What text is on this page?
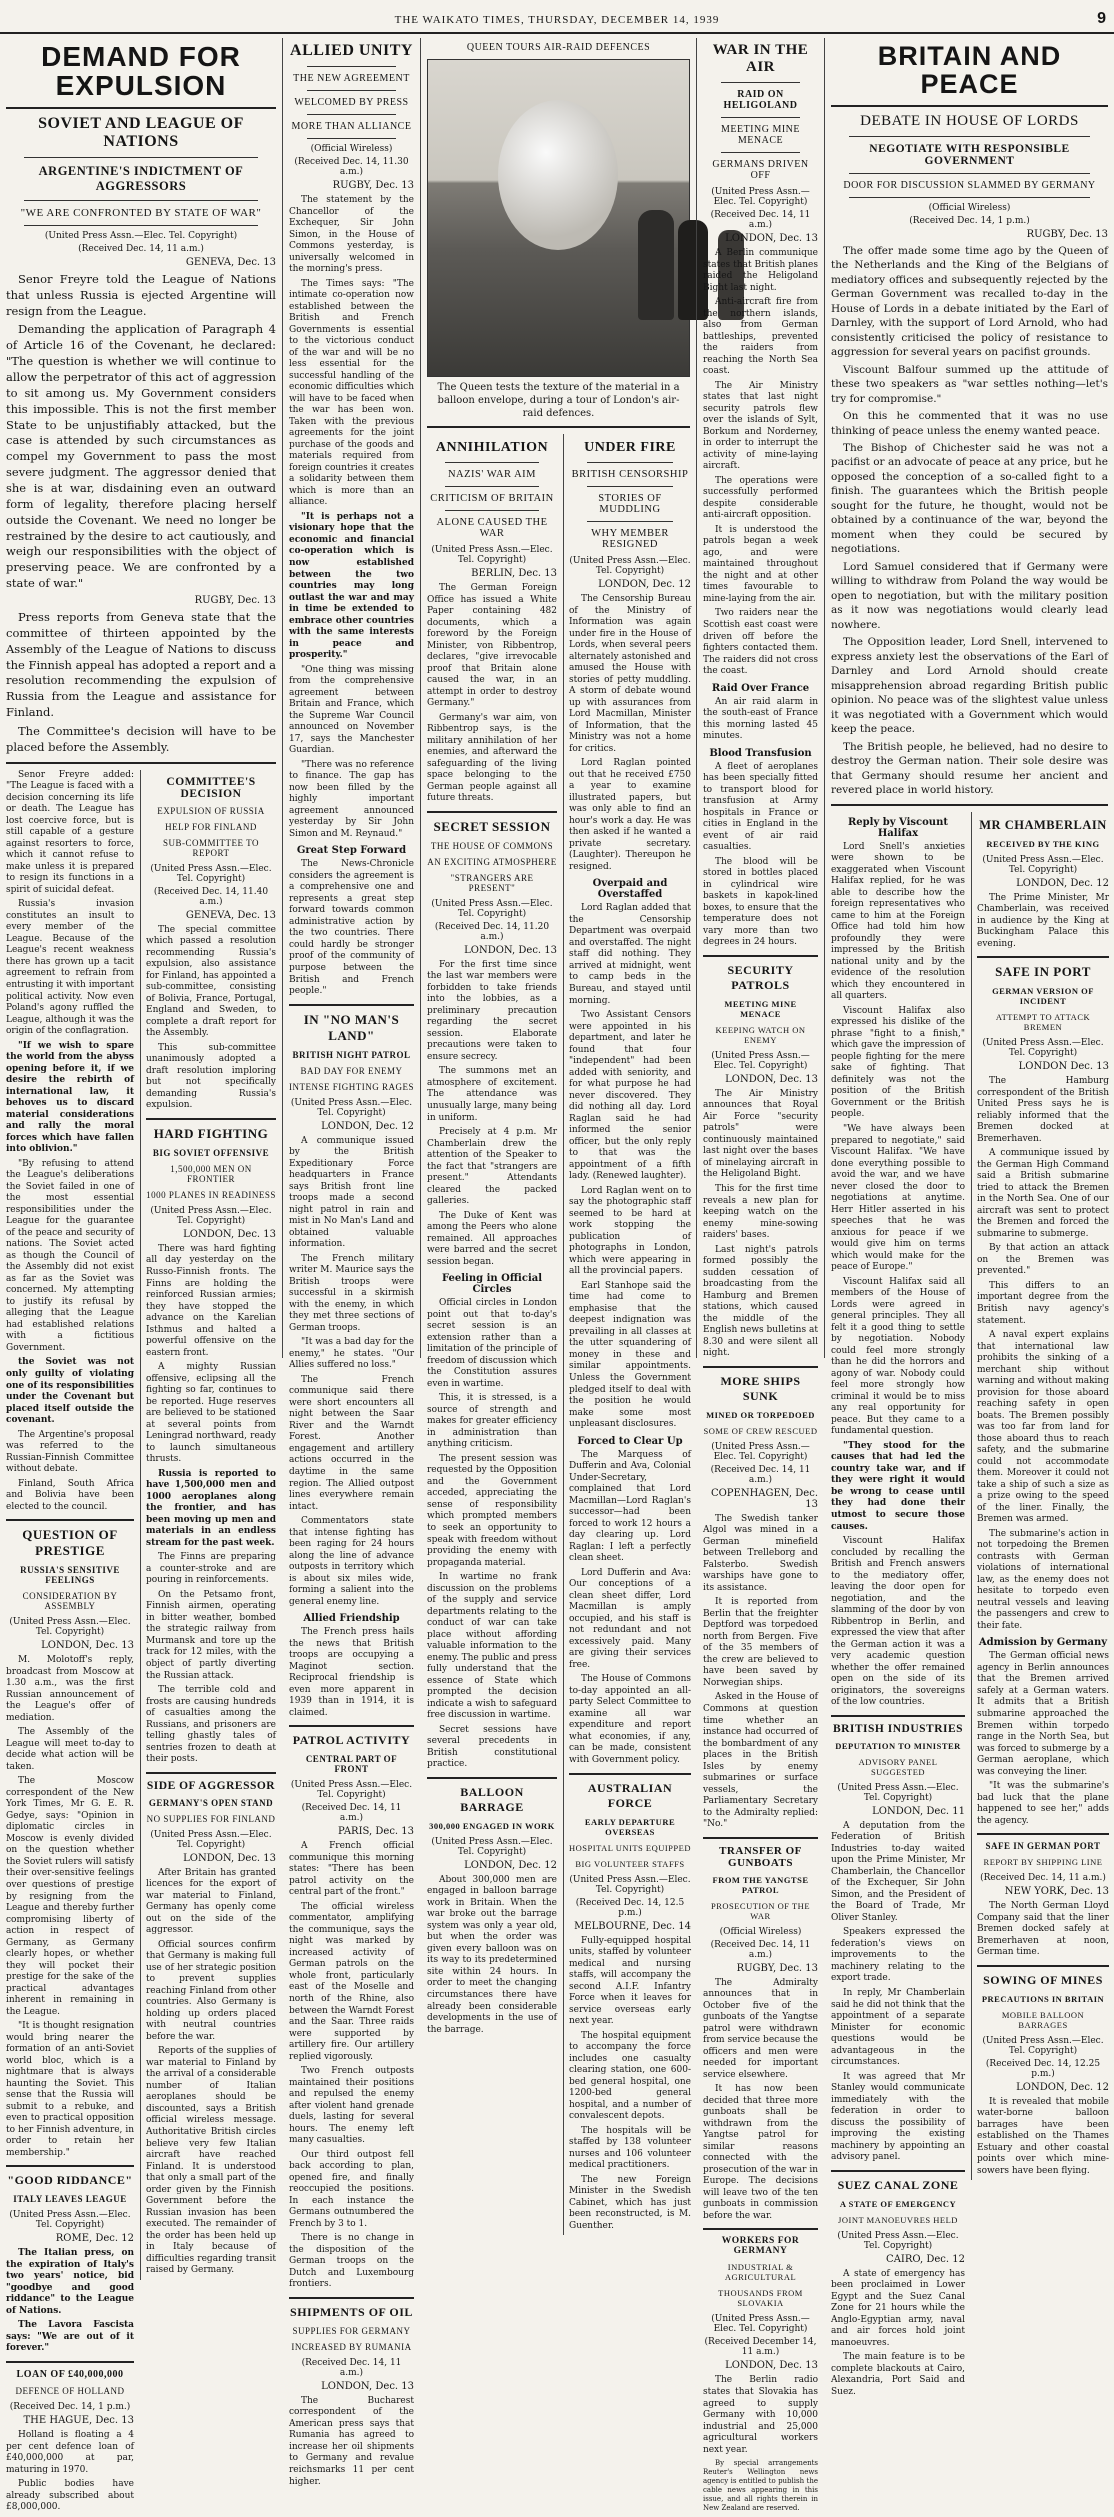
THE WAIKATO TIMES, THURSDAY, DECEMBER 14, 1939	9
DEMAND FOR EXPULSION
SOVIET AND LEAGUE OF NATIONS
ARGENTINE'S INDICTMENT OF AGGRESSORS
"WE ARE CONFRONTED BY STATE OF WAR"
(United Press Assn.—Elec. Tel. Copyright)
(Received Dec. 14, 11 a.m.)
GENEVA, Dec. 13

Senor Freyre told the League of Nations that unless Russia is ejected Argentine will resign from the League.

Demanding the application of Paragraph 4 of Article 16 of the Covenant, he declared: "The question is whether we will continue to allow the perpetrator of this act of aggression to sit among us. My Government considers this impossible. This is not the first member State to be unjustifiably attacked, but the case is attended by such circumstances as compel my Government to pass the most severe judgment. The aggressor denied that she is at war, disdaining even an outward form of legality, therefore placing herself outside the Covenant. We need no longer be restrained by the desire to act cautiously, and weigh our responsibilities with the object of preserving peace. We are confronted by a state of war."

RUGBY, Dec. 13

Press reports from Geneva state that the committee of thirteen appointed by the Assembly of the League of Nations to discuss the Finnish appeal has adopted a report and a resolution recommending the expulsion of Russia from the League and assistance for Finland.

The Committee's decision will have to be placed before the Assembly.

Senor Freyre added: "The League is faced with a decision concerning its life or death. The League has lost coercive force, but is still capable of a gesture against resorters to force, which it cannot refuse to make unless it is prepared to resign its functions in a spirit of suicidal defeat.

Russia's invasion constitutes an insult to every member of the League. Because of the League's recent weakness there has grown up a tacit agreement to refrain from entrusting it with important political activity. Now even Poland's agony ruffled the League, although it was the origin of the conflagration.

"If we wish to spare the world from the abyss opening before it, if we desire the rebirth of international law, it behoves us to discard material considerations and rally the moral forces which have fallen into oblivion."

"By refusing to attend the League's deliberations the Soviet failed in one of the most essential responsibilities under the League for the guarantee of the peace and security of nations. The Soviet acted as though the Council of the Assembly did not exist as far as the Soviet was concerned. My attempting to justify its refusal by alleging that the League had established relations with a fictitious Government.

the Soviet was not only guilty of violating one of its responsibilities under the Covenant but placed itself outside the covenant.

The Argentine's proposal was referred to the Russian-Finnish Committee without debate.

Finland, South Africa and Bolivia have been elected to the council.

QUESTION OF PRESTIGE
RUSSIA'S SENSITIVE FEELINGS
CONSIDERATION BY ASSEMBLY
(United Press Assn.—Elec. Tel. Copyright)
LONDON, Dec. 13

M. Molotoff's reply, broadcast from Moscow at 1.30 a.m., was the first Russian announcement of the League's offer of mediation.

The Assembly of the League will meet to-day to decide what action will be taken.

The Moscow correspondent of the New York Times, Mr G. E. R. Gedye, says: "Opinion in diplomatic circles in Moscow is evenly divided on the question whether the Soviet rulers will satisfy their over-sensitive feelings over questions of prestige by resigning from the League and thereby further compromising liberty of action in respect of Germany, as Germany clearly hopes, or whether they will pocket their prestige for the sake of the practical advantages inherent in remaining in the League.

"It is thought resignation would bring nearer the formation of an anti-Soviet world bloc, which is a nightmare that is always haunting the Soviet. This sense that the Russia will submit to a rebuke, and even to practical opposition to her Finnish adventure, in order to retain her membership."

"GOOD RIDDANCE"
ITALY LEAVES LEAGUE
(United Press Assn.—Elec. Tel. Copyright)
ROME, Dec. 12

The Italian press, on the expiration of Italy's two years' notice, bid "goodbye and good riddance" to the League of Nations.

The Lavora Fascista says: "We are out of it forever."

LOAN OF £40,000,000
DEFENCE OF HOLLAND
(Received Dec. 14, 1 p.m.)
THE HAGUE, Dec. 13

Holland is floating a 4 per cent defence loan of £40,000,000 at par, maturing in 1970.

Public bodies have already subscribed about £8,000,000.

COMMITTEE'S DECISION
EXPULSION OF RUSSIA
HELP FOR FINLAND
SUB-COMMITTEE TO REPORT
(United Press Assn.—Elec. Tel. Copyright)
(Received Dec. 14, 11.40 a.m.)
GENEVA, Dec. 13

The special committee which passed a resolution recommending Russia's expulsion, also assistance for Finland, has appointed a sub-committee, consisting of Bolivia, France, Portugal, England and Sweden, to complete a draft report for the Assembly.

This sub-committee unanimously adopted a draft resolution imploring but not specifically demanding Russia's expulsion.

HARD FIGHTING
BIG SOVIET OFFENSIVE
1,500,000 MEN ON FRONTIER
1000 PLANES IN READINESS
(United Press Assn.—Elec. Tel. Copyright)
LONDON, Dec. 13

There was hard fighting all day yesterday on the Russo-Finnish fronts. The Finns are holding the reinforced Russian armies; they have stopped the advance on the Karelian Isthmus and halted a powerful offensive on the eastern front.

A mighty Russian offensive, eclipsing all the fighting so far, continues to be reported. Huge reserves are believed to be stationed at several points from Leningrad northward, ready to launch simultaneous thrusts.

Russia is reported to have 1,500,000 men and 1000 aeroplanes along the frontier, and has been moving up men and materials in an endless stream for the past week.

The Finns are preparing a counter-stroke and are pouring in reinforcements.

On the Petsamo front, Finnish airmen, operating in bitter weather, bombed the strategic railway from Murmansk and tore up the track for 12 miles, with the object of partly diverting the Russian attack.

The terrible cold and frosts are causing hundreds of casualties among the Russians, and prisoners are telling ghastly tales of sentries frozen to death at their posts.

SIDE OF AGGRESSOR
GERMANY'S OPEN STAND
NO SUPPLIES FOR FINLAND
(United Press Assn.—Elec. Tel. Copyright)
LONDON, Dec. 13

After Britain has granted licences for the export of war material to Finland, Germany has openly come out on the side of the aggressor.

Official sources confirm that Germany is making full use of her strategic position to prevent supplies reaching Finland from other countries. Also Germany is holding up orders placed with neutral countries before the war.

Reports of the supplies of war material to Finland by the arrival of a considerable number of Italian aeroplanes should be discounted, says a British official wireless message. Authoritative British circles believe very few Italian aircraft have reached Finland. It is understood that only a small part of the order given by the Finnish Government before the Russian invasion has been executed. The remainder of the order has been held up in Italy because of difficulties regarding transit raised by Germany.

ALLIED UNITY
THE NEW AGREEMENT
WELCOMED BY PRESS
MORE THAN ALLIANCE
(Official Wireless)
(Received Dec. 14, 11.30 a.m.)
RUGBY, Dec. 13

The statement by the Chancellor of the Exchequer, Sir John Simon, in the House of Commons yesterday, is universally welcomed in the morning's press.

The Times says: "The intimate co-operation now established between the British and French Governments is essential to the victorious conduct of the war and will be no less essential for the successful handling of the economic difficulties which will have to be faced when the war has been won. Taken with the previous agreements for the joint purchase of the goods and materials required from foreign countries it creates a solidarity between them which is more than an alliance.

"It is perhaps not a visionary hope that the economic and financial co-operation which is now established between the two countries may long outlast the war and may in time be extended to embrace other countries with the same interests in peace and prosperity."

"One thing was missing from the comprehensive agreement between Britain and France, which the Supreme War Council announced on November 17, says the Manchester Guardian.

"There was no reference to finance. The gap has now been filled by the highly important agreement announced yesterday by Sir John Simon and M. Reynaud."

Great Step Forward

The News-Chronicle considers the agreement is a comprehensive one and represents a great step forward towards common administrative action by the two countries. There could hardly be stronger proof of the community of purpose between the British and French people."

IN "NO MAN'S LAND"
BRITISH NIGHT PATROL
BAD DAY FOR ENEMY
INTENSE FIGHTING RAGES
(United Press Assn.—Elec. Tel. Copyright)
LONDON, Dec. 12

A communique issued by the British Expeditionary Force headquarters in France says British front line troops made a second night patrol in rain and mist in No Man's Land and obtained valuable information.

The French military writer M. Maurice says the British troops were successful in a skirmish with the enemy, in which they met three sections of German troops.

"It was a bad day for the enemy," he states. "Our Allies suffered no loss."

The French communique said there were short encounters all night between the Saar River and the Warndt Forest. Another engagement and artillery actions occurred in the daytime in the same region. The Allied outpost lines everywhere remain intact.

Commentators state that intense fighting has been raging for 24 hours along the line of advance outposts in territory which is about six miles wide, forming a salient into the general enemy line.

Allied Friendship

The French press hails the news that British troops are occupying a Maginot section. Reciprocal friendship is even more apparent in 1939 than in 1914, it is claimed.

PATROL ACTIVITY
CENTRAL PART OF FRONT
(United Press Assn.—Elec. Tel. Copyright)
(Received Dec. 14, 11 a.m.)
PARIS, Dec. 13

A French official communique this morning states: "There has been patrol activity on the central part of the front."

The official wireless commentator, amplifying the communique, says the night was marked by increased activity of German patrols on the whole front, particularly east of the Moselle and north of the Rhine, also between the Warndt Forest and the Saar. Three raids were supported by artillery fire. Our artillery replied vigorously.

Two French outposts maintained their positions and repulsed the enemy after violent hand grenade duels, lasting for several hours. The enemy left many casualties.

Our third outpost fell back according to plan, opened fire, and finally reoccupied the positions. In each instance the Germans outnumbered the French by 3 to 1.

There is no change in the disposition of the German troops on the Dutch and Luxembourg frontiers.

SHIPMENTS OF OIL
SUPPLIES FOR GERMANY
INCREASED BY RUMANIA
(Received Dec. 14, 11 a.m.)
LONDON, Dec. 13

The Bucharest correspondent of the American press says that Rumania has agreed to increase her oil shipments to Germany and revalue reichsmarks 11 per cent higher.

QUEEN TOURS AIR-RAID DEFENCES
The Queen tests the texture of the material in a balloon envelope, during a tour of London's air-raid defences.
ANNIHILATION
NAZIS' WAR AIM
CRITICISM OF BRITAIN
ALONE CAUSED THE WAR
(United Press Assn.—Elec. Tel. Copyright)
BERLIN, Dec. 13

The German Foreign Office has issued a White Paper containing 482 documents, which a foreword by the Foreign Minister, von Ribbentrop, declares, "give irrevocable proof that Britain alone caused the war, in an attempt in order to destroy Germany."

Germany's war aim, von Ribbentrop says, is the military annihilation of her enemies, and afterward the safeguarding of the living space belonging to the German people against all future threats.

SECRET SESSION
THE HOUSE OF COMMONS
AN EXCITING ATMOSPHERE
"STRANGERS ARE PRESENT"
(United Press Assn.—Elec. Tel. Copyright)
(Received Dec. 14, 11.20 a.m.)
LONDON, Dec. 13

For the first time since the last war members were forbidden to take friends into the lobbies, as a preliminary precaution regarding the secret session. Elaborate precautions were taken to ensure secrecy.

The summons met an atmosphere of excitement. The attendance was unusually large, many being in uniform.

Precisely at 4 p.m. Mr Chamberlain drew the attention of the Speaker to the fact that "strangers are present." Attendants cleared the packed galleries.

The Duke of Kent was among the Peers who alone remained. All approaches were barred and the secret session began.

Feeling in Official Circles

Official circles in London point out that to-day's secret session is an extension rather than a limitation of the principle of freedom of discussion which the Constitution assures even in wartime.

This, it is stressed, is a source of strength and makes for greater efficiency in administration than anything criticism.

The present session was requested by the Opposition and the Government acceded, appreciating the sense of responsibility which prompted members to seek an opportunity to speak with freedom without providing the enemy with propaganda material.

In wartime no frank discussion on the problems of the supply and service departments relating to the conduct of war can take place without affording valuable information to the enemy. The public and press fully understand that the essence of State which prompted the decision indicate a wish to safeguard free discussion in wartime.

Secret sessions have several precedents in British constitutional practice.

BALLOON BARRAGE
300,000 ENGAGED IN WORK
(United Press Assn.—Elec. Tel. Copyright)
LONDON, Dec. 12

About 300,000 men are engaged in balloon barrage work in Britain. When the war broke out the barrage system was only a year old, but when the order was given every balloon was on its way to its predetermined site within 24 hours. In order to meet the changing circumstances there have already been considerable developments in the use of the barrage.

UNDER FIRE
BRITISH CENSORSHIP
STORIES OF MUDDLING
WHY MEMBER RESIGNED
(United Press Assn.—Elec. Tel. Copyright)
LONDON, Dec. 12

The Censorship Bureau of the Ministry of Information was again under fire in the House of Lords, when several peers alternately astonished and amused the House with stories of petty muddling. A storm of debate wound up with assurances from Lord Macmillan, Minister of Information, that the Ministry was not a home for critics.

Lord Raglan pointed out that he received £750 a year to examine illustrated papers, but was only able to find an hour's work a day. He was then asked if he wanted a private secretary. (Laughter). Thereupon he resigned.

Overpaid and Overstaffed

Lord Raglan added that the Censorship Department was overpaid and overstaffed. The night staff did nothing. They arrived at midnight, went to camp beds in the Bureau, and stayed until morning.

Two Assistant Censors were appointed in his department, and later he found that four "independent" had been added with seniority, and for what purpose he had never discovered. They did nothing all day. Lord Raglan said he had informed the senior officer, but the only reply to that was the appointment of a fifth lady. (Renewed laughter).

Lord Raglan went on to say the photographic staff seemed to be hard at work stopping the publication of photographs in London, which were appearing in all the provincial papers.

Earl Stanhope said the time had come to emphasise that the deepest indignation was prevailing in all classes at the utter squandering of money in these and similar appointments. Unless the Government pledged itself to deal with the position he would make some most unpleasant disclosures.

Forced to Clear Up

The Marquess of Dufferin and Ava, Colonial Under-Secretary, complained that Lord Macmillan—Lord Raglan's successor—had been forced to work 12 hours a day clearing up. Lord Raglan: I left a perfectly clean sheet.

Lord Dufferin and Ava: Our conceptions of a clean sheet differ, Lord Macmillan is amply occupied, and his staff is not redundant and not excessively paid. Many are giving their services free.

The House of Commons to-day appointed an all-party Select Committee to examine all war expenditure and report what economies, if any, can be made, consistent with Government policy.

AUSTRALIAN FORCE
EARLY DEPARTURE OVERSEAS
HOSPITAL UNITS EQUIPPED
BIG VOLUNTEER STAFFS
(United Press Assn.—Elec. Tel. Copyright)
(Received Dec. 14, 12.5 p.m.)
MELBOURNE, Dec. 14

Fully-equipped hospital units, staffed by volunteer medical and nursing staffs, will accompany the second A.I.F. Infantry Force when it leaves for service overseas early next year.

The hospital equipment to accompany the force includes one casualty clearing station, one 600-bed general hospital, one 1200-bed general hospital, and a number of convalescent depots.

The hospitals will be staffed by 138 volunteer nurses and 106 volunteer medical practitioners.

The new Foreign Minister in the Swedish Cabinet, which has just been reconstructed, is M. Guenther.

WAR IN THE AIR
RAID ON HELIGOLAND
MEETING MINE MENACE
GERMANS DRIVEN OFF
(United Press Assn.—Elec. Tel. Copyright)
(Received Dec. 14, 11 a.m.)
LONDON, Dec. 13

A Berlin communique states that British planes raided the Heligoland Bight last night.

Anti-aircraft fire from the northern islands, also from German battleships, prevented the raiders from reaching the North Sea coast.

The Air Ministry states that last night security patrols flew over the islands of Sylt, Borkum and Norderney, in order to interrupt the activity of mine-laying aircraft.

The operations were successfully performed despite considerable anti-aircraft opposition.

It is understood the patrols began a week ago, and were maintained throughout the night and at other times favourable to mine-laying from the air.

Two raiders near the Scottish east coast were driven off before the fighters contacted them. The raiders did not cross the coast.

Raid Over France

An air raid alarm in the south-east of France this morning lasted 45 minutes.

Blood Transfusion

A fleet of aeroplanes has been specially fitted to transport blood for transfusion at Army hospitals in France or cities in England in the event of air raid casualties.

The blood will be stored in bottles placed in cylindrical wire baskets in kapok-lined boxes, to ensure that the temperature does not vary more than two degrees in 24 hours.

SECURITY PATROLS
MEETING MINE MENACE
KEEPING WATCH ON ENEMY
(United Press Assn.—Elec. Tel. Copyright)
LONDON, Dec. 13

The Air Ministry announces that Royal Air Force "security patrols" were continuously maintained last night over the bases of minelaying aircraft in the Heligoland Bight.

This for the first time reveals a new plan for keeping watch on the enemy mine-sowing raiders' bases.

Last night's patrols formed possibly the sudden cessation of broadcasting from the Hamburg and Bremen stations, which caused the middle of the English news bulletins at 8.30 and were silent all night.

MORE SHIPS SUNK
MINED OR TORPEDOED
SOME OF CREW RESCUED
(United Press Assn.—Elec. Tel. Copyright)
(Received Dec. 14, 11 a.m.)
COPENHAGEN, Dec. 13

The Swedish tanker Algol was mined in a German minefield between Trelleborg and Falsterbo. Swedish warships have gone to its assistance.

It is reported from Berlin that the freighter Deptford was torpedoed north from Bergen. Five of the 35 members of the crew are believed to have been saved by Norwegian ships.

Asked in the House of Commons at question time whether an instance had occurred of the bombardment of any places in the British Isles by enemy submarines or surface vessels, the Parliamentary Secretary to the Admiralty replied: "No."

TRANSFER OF GUNBOATS
FROM THE YANGTSE PATROL
PROSECUTION OF THE WAR
(Official Wireless)
(Received Dec. 14, 11 a.m.)
RUGBY, Dec. 13

The Admiralty announces that in October five of the gunboats of the Yangtse patrol were withdrawn from service because the officers and men were needed for important service elsewhere.

It has now been decided that three more gunboats shall be withdrawn from the Yangtse patrol for similar reasons connected with the prosecution of the war in Europe. The decisions will leave two of the ten gunboats in commission before the war.

WORKERS FOR GERMANY
INDUSTRIAL & AGRICULTURAL
THOUSANDS FROM SLOVAKIA
(United Press Assn.—Elec. Tel. Copyright)
(Received December 14, 11 a.m.)
LONDON, Dec. 13

The Berlin radio states that Slovakia has agreed to supply Germany with 10,000 industrial and 25,000 agricultural workers next year.

By special arrangements Reuter's Wellington news agency is entitled to publish the cable news appearing in this issue, and all rights therein in New Zealand are reserved.

BRITAIN AND PEACE
DEBATE IN HOUSE OF LORDS
NEGOTIATE WITH RESPONSIBLE GOVERNMENT
DOOR FOR DISCUSSION SLAMMED BY GERMANY
(Official Wireless)
(Received Dec. 14, 1 p.m.)
RUGBY, Dec. 13

The offer made some time ago by the Queen of the Netherlands and the King of the Belgians of mediatory offices and subsequently rejected by the German Government was recalled to-day in the House of Lords in a debate initiated by the Earl of Darnley, with the support of Lord Arnold, who had consistently criticised the policy of resistance to aggression for several years on pacifist grounds.

Viscount Balfour summed up the attitude of these two speakers as "war settles nothing—let's try for compromise."

On this he commented that it was no use thinking of peace unless the enemy wanted peace.

The Bishop of Chichester said he was not a pacifist or an advocate of peace at any price, but he opposed the conception of a so-called fight to a finish. The guarantees which the British people sought for the future, he thought, would not be obtained by a continuance of the war, beyond the moment when they could be secured by negotiations.

Lord Samuel considered that if Germany were willing to withdraw from Poland the way would be open to negotiation, but with the military position as it now was negotiations would clearly lead nowhere.

The Opposition leader, Lord Snell, intervened to express anxiety lest the observations of the Earl of Darnley and Lord Arnold should create misapprehension abroad regarding British public opinion. No peace was of the slightest value unless it was negotiated with a Government which would keep the peace.

The British people, he believed, had no desire to destroy the German nation. Their sole desire was that Germany should resume her ancient and revered place in world history.

Reply by Viscount Halifax

Lord Snell's anxieties were shown to be exaggerated when Viscount Halifax replied, for he was able to describe how the foreign representatives who came to him at the Foreign Office had told him how profoundly they were impressed by the British national unity and by the evidence of the resolution which they encountered in all quarters.

Viscount Halifax also expressed his dislike of the phrase "fight to a finish," which gave the impression of people fighting for the mere sake of fighting. That definitely was not the position of the British Government or the British people.

"We have always been prepared to negotiate," said Viscount Halifax. "We have done everything possible to avoid the war, and we have never closed the door to negotiations at anytime. Herr Hitler asserted in his speeches that he was anxious for peace if we would give him on terms which would make for the peace of Europe."

Viscount Halifax said all members of the House of Lords were agreed in general principles. They all felt it a good thing to settle by negotiation. Nobody could feel more strongly than he did the horrors and agony of war. Nobody could feel more strongly how criminal it would be to miss any real opportunity for peace. But they came to a fundamental question.

"They stood for the causes that had led the country take war, and if they were right it would be wrong to cease until they had done their utmost to secure those causes.

Viscount Halifax concluded by recalling the British and French answers to the mediatory offer, leaving the door open for negotiation, and the slamming of the door by von Ribbentrop in Berlin, and expressed the view that after the German action it was a very academic question whether the offer remained open on the side of its originators, the sovereigns of the low countries.

BRITISH INDUSTRIES
DEPUTATION TO MINISTER
ADVISORY PANEL SUGGESTED
(United Press Assn.—Elec. Tel. Copyright)
LONDON, Dec. 11

A deputation from the Federation of British Industries to-day waited upon the Prime Minister, Mr Chamberlain, the Chancellor of the Exchequer, Sir John Simon, and the President of the Board of Trade, Mr Oliver Stanley.

Speakers expressed the federation's views on improvements to the machinery relating to the export trade.

In reply, Mr Chamberlain said he did not think that the appointment of a separate Minister for economic questions would be advantageous in the circumstances.

It was agreed that Mr Stanley would communicate immediately with the federation in order to discuss the possibility of improving the existing machinery by appointing an advisory panel.

SUEZ CANAL ZONE
A STATE OF EMERGENCY
JOINT MANOEUVRES HELD
(United Press Assn.—Elec. Tel. Copyright)
CAIRO, Dec. 12

A state of emergency has been proclaimed in Lower Egypt and the Suez Canal Zone for 21 hours while the Anglo-Egyptian army, naval and air forces hold joint manoeuvres.

The main feature is to be complete blackouts at Cairo, Alexandria, Port Said and Suez.

MR CHAMBERLAIN
RECEIVED BY THE KING
(United Press Assn.—Elec. Tel. Copyright)
LONDON, Dec. 12

The Prime Minister, Mr Chamberlain, was received in audience by the King at Buckingham Palace this evening.

SAFE IN PORT
GERMAN VERSION OF INCIDENT
ATTEMPT TO ATTACK BREMEN
(United Press Assn.—Elec. Tel. Copyright)
LONDON Dec. 13

The Hamburg correspondent of the British United Press says he is reliably informed that the Bremen docked at Bremerhaven.

A communique issued by the German High Command said a British submarine tried to attack the Bremen in the North Sea. One of our aircraft was sent to protect the Bremen and forced the submarine to submerge.

By that action an attack on the Bremen was prevented."

This differs to an important degree from the British navy agency's statement.

A naval expert explains that international law prohibits the sinking of a merchant ship without warning and without making provision for those aboard reaching safety in open boats. The Bremen possibly was too far from land for those aboard thus to reach safety, and the submarine could not accommodate them. Moreover it could not take a ship of such a size as a prize owing to the speed of the liner. Finally, the Bremen was armed.

The submarine's action in not torpedoing the Bremen contrasts with German violations of international law, as the enemy does not hesitate to torpedo even neutral vessels and leaving the passengers and crew to their fate.

Admission by Germany

The German official news agency in Berlin announces that the Bremen arrived safely at a German waters. It admits that a British submarine approached the Bremen within torpedo range in the North Sea, but was forced to submerge by a German aeroplane, which was conveying the liner.

"It was the submarine's bad luck that the plane happened to see her," adds the agency.

SAFE IN GERMAN PORT
REPORT BY SHIPPING LINE
(Received Dec. 14, 11 a.m.)
NEW YORK, Dec. 13

The North German Lloyd Company said that the liner Bremen docked safely at Bremerhaven at noon, German time.

SOWING OF MINES
PRECAUTIONS IN BRITAIN
MOBILE BALLOON BARRAGES
(United Press Assn.—Elec. Tel. Copyright)
(Received Dec. 14, 12.25 p.m.)
LONDON, Dec. 12

It is revealed that mobile water-borne balloon barrages have been established on the Thames Estuary and other coastal points over which mine-sowers have been flying.
